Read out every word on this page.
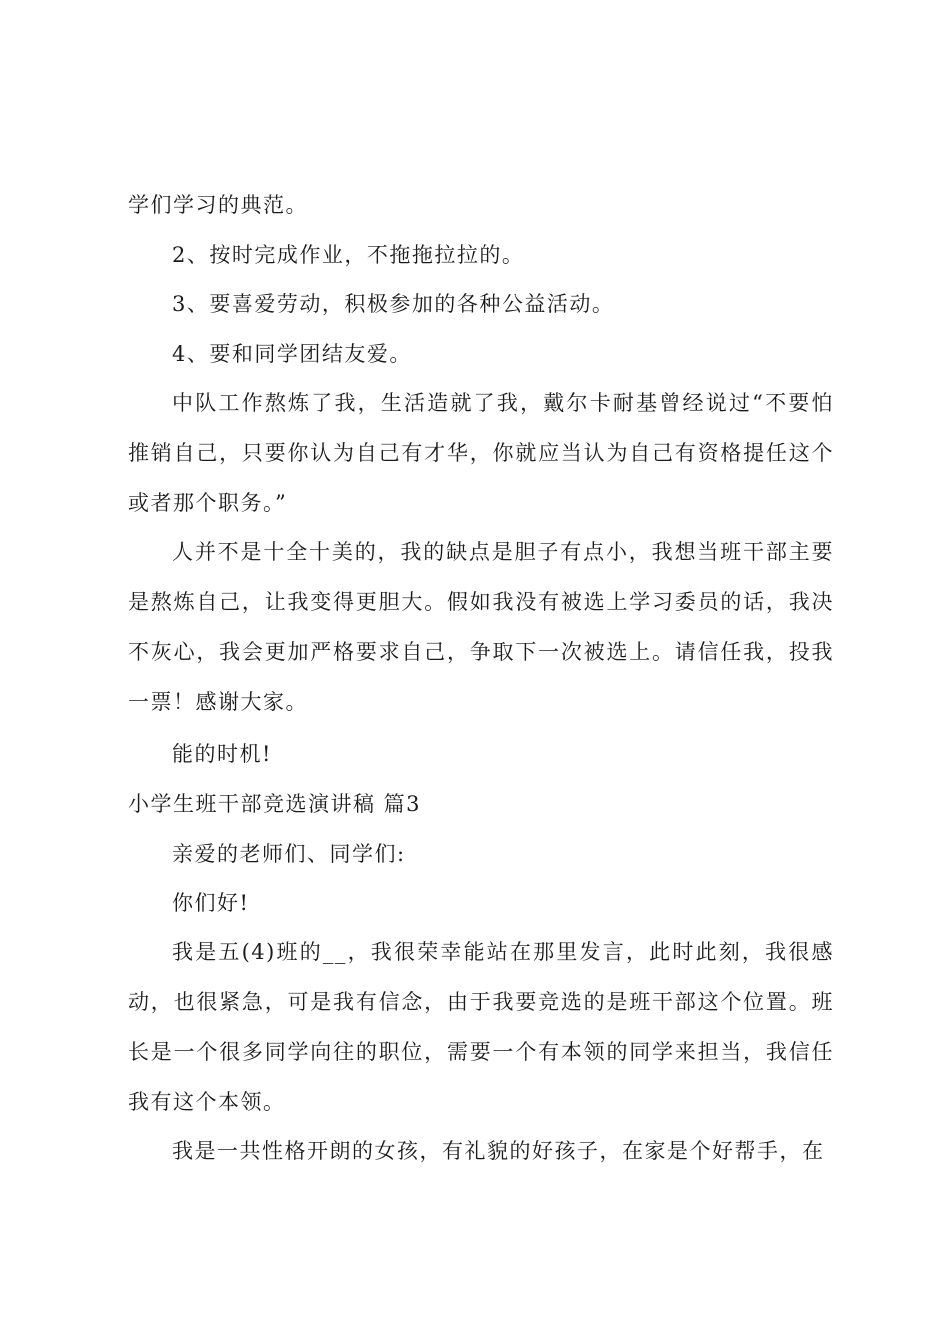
学们学习的典范。
2、按时完成作业，不拖拖拉拉的。
3、要喜爱劳动，积极参加的各种公益活动。
4、要和同学团结友爱。

中队工作熬炼了我，生活造就了我，戴尔卡耐基曾经说过“不要怕推销自己，只要你认为自己有才华，你就应当认为自己有资格提任这个或者那个职务。”

人并不是十全十美的，我的缺点是胆子有点小，我想当班干部主要是熬炼自己，让我变得更胆大。假如我没有被选上学习委员的话，我决不灰心，我会更加严格要求自己，争取下一次被选上。请信任我，投我一票！感谢大家。

能的时机!
小学生班干部竞选演讲稿 篇3
亲爱的老师们、同学们:
你们好!

我是五(4)班的__，我很荣幸能站在那里发言，此时此刻，我很感动，也很紧急，可是我有信念，由于我要竞选的是班干部这个位置。班长是一个很多同学向往的职位，需要一个有本领的同学来担当，我信任我有这个本领。

我是一共性格开朗的女孩，有礼貌的好孩子，在家是个好帮手，在
